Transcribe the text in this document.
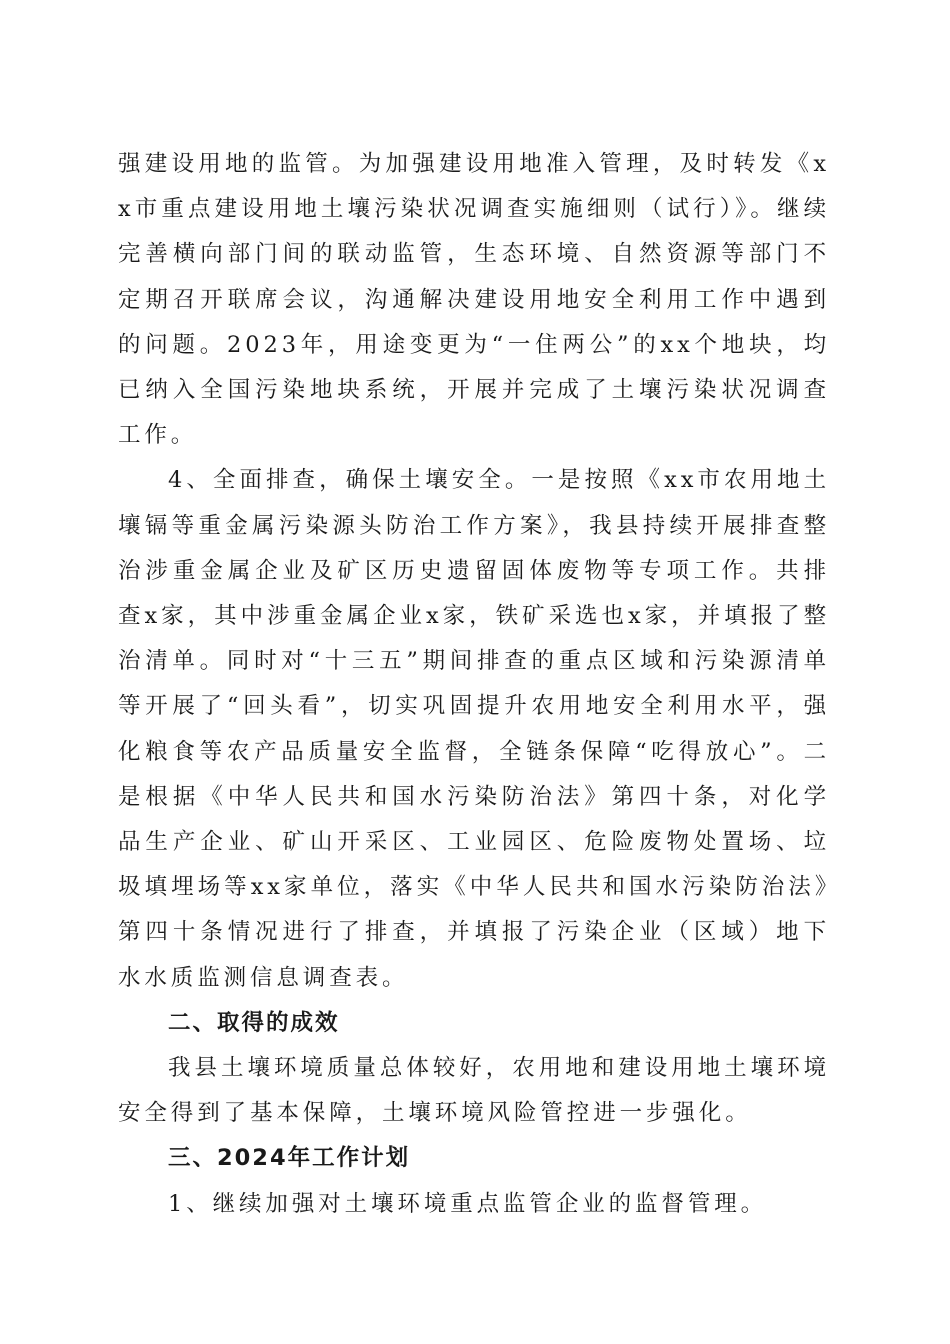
强建设用地的监管。为加强建设用地准入管理，及时转发《xx市重点建设用地土壤污染状况调查实施细则（试行）》。继续完善横向部门间的联动监管，生态环境、自然资源等部门不定期召开联席会议，沟通解决建设用地安全利用工作中遇到的问题。2023年，用途变更为“一住两公”的xx个地块，均已纳入全国污染地块系统，开展并完成了土壤污染状况调查工作。

4、全面排查，确保土壤安全。一是按照《xx市农用地土壤镉等重金属污染源头防治工作方案》，我县持续开展排查整治涉重金属企业及矿区历史遗留固体废物等专项工作。共排查x家，其中涉重金属企业x家，铁矿采选也x家，并填报了整治清单。同时对“十三五”期间排查的重点区域和污染源清单等开展了“回头看”，切实巩固提升农用地安全利用水平，强化粮食等农产品质量安全监督，全链条保障“吃得放心”。二是根据《中华人民共和国水污染防治法》第四十条，对化学品生产企业、矿山开采区、工业园区、危险废物处置场、垃圾填埋场等xx家单位，落实《中华人民共和国水污染防治法》第四十条情况进行了排查，并填报了污染企业（区域）地下水水质监测信息调查表。

二、取得的成效

我县土壤环境质量总体较好，农用地和建设用地土壤环境安全得到了基本保障，土壤环境风险管控进一步强化。

三、2024年工作计划

1、继续加强对土壤环境重点监管企业的监督管理。
